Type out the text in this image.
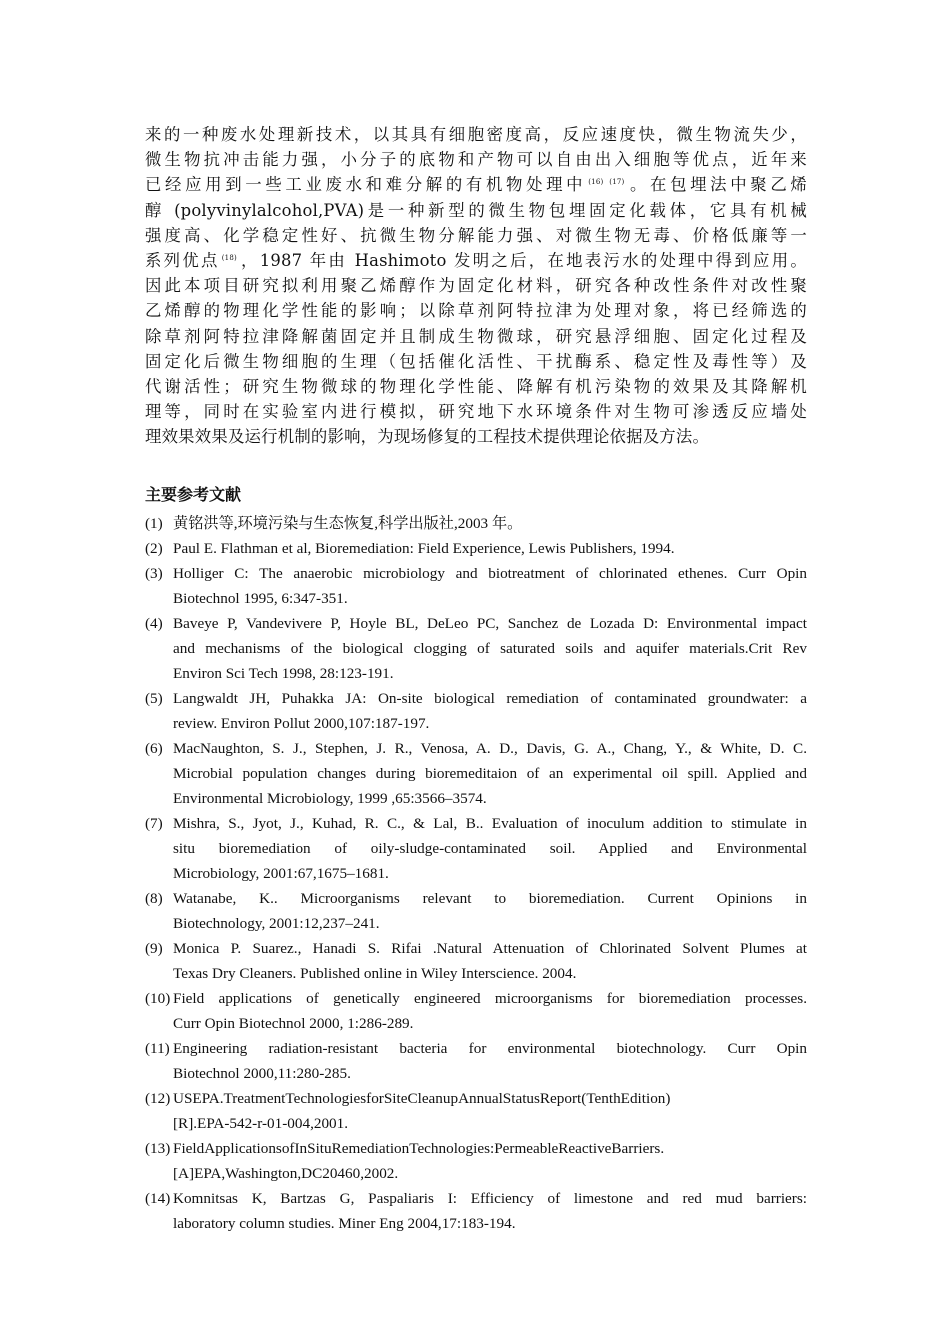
来的一种废水处理新技术，以其具有细胞密度高，反应速度快，微生物流失少，
微生物抗冲击能力强，小分子的底物和产物可以自由出入细胞等优点，近年来
已经应用到一些工业废水和难分解的有机物处理中 $^{(16) (17)}$ 。在包埋法中聚乙烯
醇 (polyvinylalcohol,PVA)是一种新型的微生物包埋固定化载体，它具有机械
强度高、化学稳定性好、抗微生物分解能力强、对微生物无毒、价格低廉等一
系列优点 $^{(18)}$ ，1987 年由 Hashimoto 发明之后，在地表污水的处理中得到应用。
因此本项目研究拟利用聚乙烯醇作为固定化材料，研究各种改性条件对改性聚
乙烯醇的物理化学性能的影响；以除草剂阿特拉津为处理对象，将已经筛选的
除草剂阿特拉津降解菌固定并且制成生物微球，研究悬浮细胞、固定化过程及
固定化后微生物细胞的生理（包括催化活性、干扰酶系、稳定性及毒性等）及
代谢活性；研究生物微球的物理化学性能、降解有机污染物的效果及其降解机
理等，同时在实验室内进行模拟，研究地下水环境条件对生物可渗透反应墙处
理效果效果及运行机制的影响，为现场修复的工程技术提供理论依据及方法。
主要参考文献
(1) 黄铭洪等,环境污染与生态恢复,科学出版社,2003 年。
(2) Paul E. Flathman et al, Bioremediation: Field Experience, Lewis Publishers, 1994.
(3) Holliger C: The anaerobic microbiology and biotreatment of chlorinated ethenes. Curr Opin
Biotechnol 1995, 6:347-351.
(4) Baveye P, Vandevivere P, Hoyle BL, DeLeo PC, Sanchez de Lozada D: Environmental impact
and mechanisms of the biological clogging of saturated soils and aquifer materials.Crit Rev
Environ Sci Tech 1998, 28:123-191.
(5) Langwaldt JH, Puhakka JA: On-site biological remediation of contaminated groundwater: a
review. Environ Pollut 2000,107:187-197.
(6) MacNaughton, S. J., Stephen, J. R., Venosa, A. D., Davis, G. A., Chang, Y., & White, D. C.
Microbial population changes during bioremeditaion of an experimental oil spill. Applied and
Environmental Microbiology, 1999 ,65:3566–3574.
(7) Mishra, S., Jyot, J., Kuhad, R. C., & Lal, B.. Evaluation of inoculum addition to stimulate in
situ bioremediation of oily-sludge-contaminated soil. Applied and Environmental
Microbiology, 2001:67,1675–1681.
(8) Watanabe, K.. Microorganisms relevant to bioremediation. Current Opinions in
Biotechnology, 2001:12,237–241.
(9) Monica P. Suarez., Hanadi S. Rifai .Natural Attenuation of Chlorinated Solvent Plumes at
Texas Dry Cleaners. Published online in Wiley Interscience. 2004.
(10) Field applications of genetically engineered microorganisms for bioremediation processes.
Curr Opin Biotechnol 2000, 1:286-289.
(11) Engineering radiation-resistant bacteria for environmental biotechnology. Curr Opin
Biotechnol 2000,11:280-285.
(12) USEPA.TreatmentTechnologiesforSiteCleanupAnnualStatusReport(TenthEdition)
[R].EPA-542-r-01-004,2001.
(13) FieldApplicationsofInSituRemediationTechnologies:PermeableReactiveBarriers.
[A]EPA,Washington,DC20460,2002.
(14) Komnitsas K, Bartzas G, Paspaliaris I: Efficiency of limestone and red mud barriers:
laboratory column studies. Miner Eng 2004,17:183-194.
